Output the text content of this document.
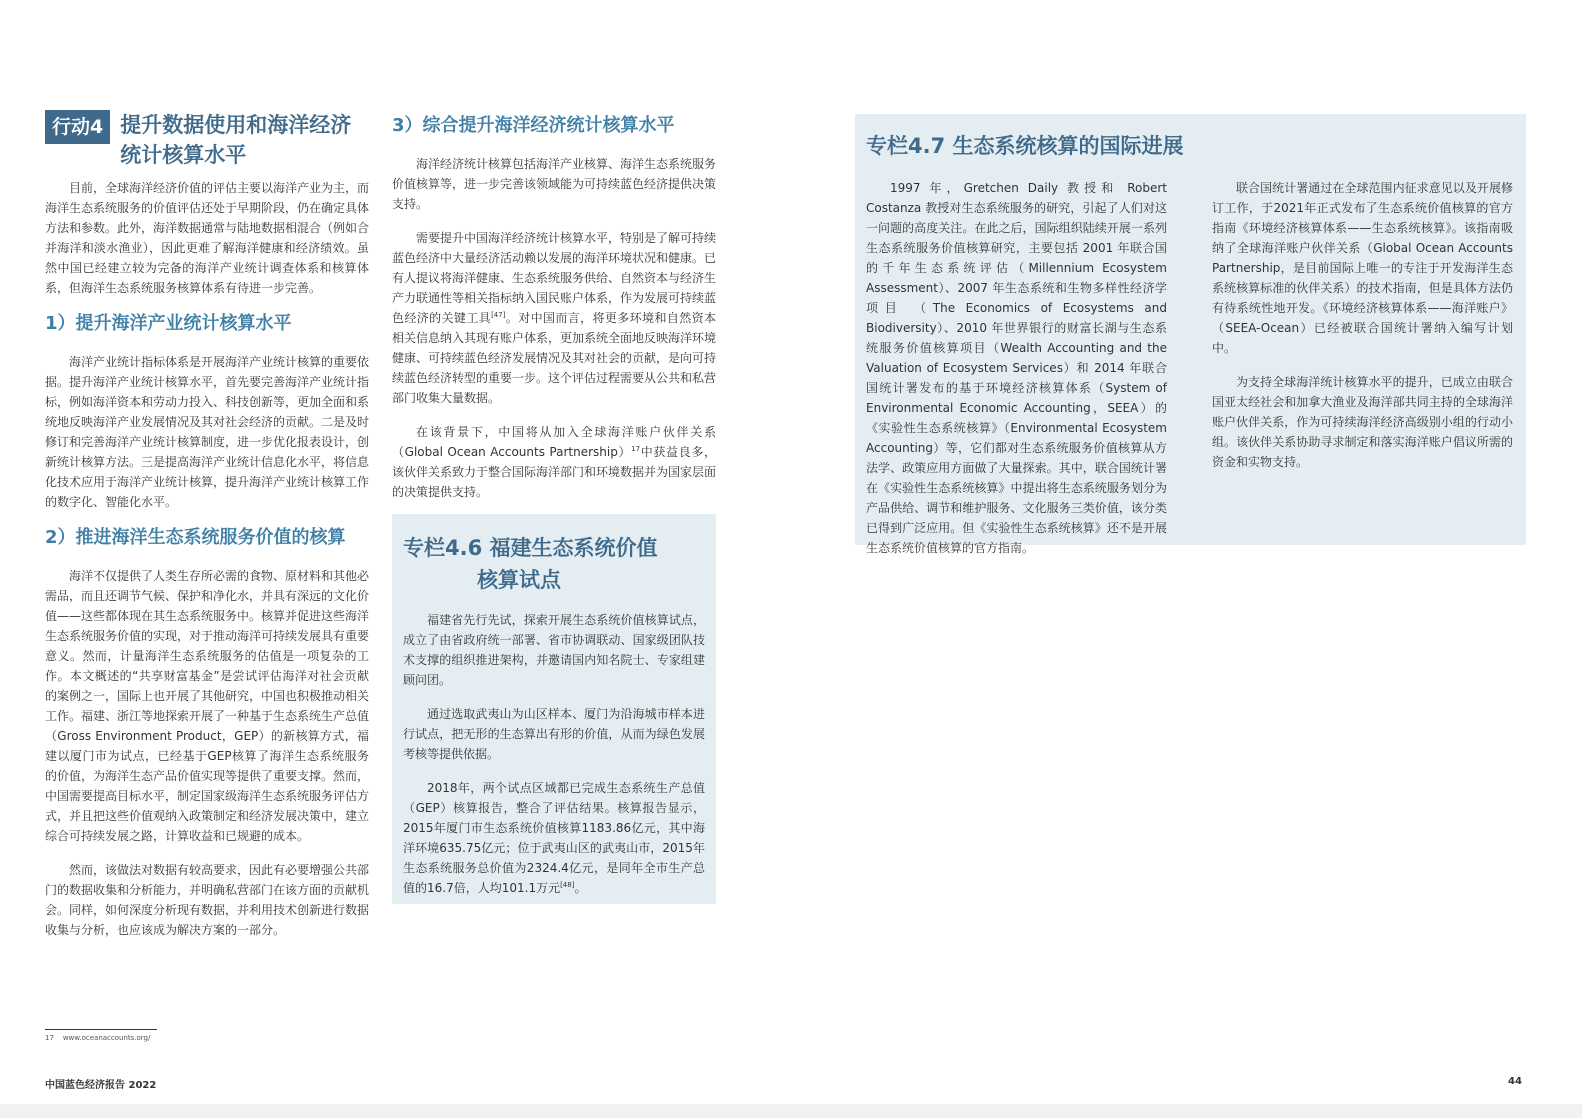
行动4 提升数据使用和海洋经济
统计核算水平

目前，全球海洋经济价值的评估主要以海洋产业为主，而海洋生态系统服务的价值评估还处于早期阶段，仍在确定具体方法和参数。此外，海洋数据通常与陆地数据相混合（例如合并海洋和淡水渔业），因此更难了解海洋健康和经济绩效。虽然中国已经建立较为完备的海洋产业统计调查体系和核算体系，但海洋生态系统服务核算体系有待进一步完善。

1）提升海洋产业统计核算水平

海洋产业统计指标体系是开展海洋产业统计核算的重要依据。提升海洋产业统计核算水平，首先要完善海洋产业统计指标，例如海洋资本和劳动力投入、科技创新等，更加全面和系统地反映海洋产业发展情况及其对社会经济的贡献。二是及时修订和完善海洋产业统计核算制度，进一步优化报表设计，创新统计核算方法。三是提高海洋产业统计信息化水平，将信息化技术应用于海洋产业统计核算，提升海洋产业统计核算工作的数字化、智能化水平。

2）推进海洋生态系统服务价值的核算

海洋不仅提供了人类生存所必需的食物、原材料和其他必需品，而且还调节气候、保护和净化水，并具有深远的文化价值——这些都体现在其生态系统服务中。核算并促进这些海洋生态系统服务价值的实现，对于推动海洋可持续发展具有重要意义。然而，计量海洋生态系统服务的估值是一项复杂的工作。本文概述的“共享财富基金”是尝试评估海洋对社会贡献的案例之一，国际上也开展了其他研究，中国也积极推动相关工作。福建、浙江等地探索开展了一种基于生态系统生产总值（Gross Environment Product，GEP）的新核算方式，福建以厦门市为试点，已经基于GEP核算了海洋生态系统服务的价值，为海洋生态产品价值实现等提供了重要支撑。然而，中国需要提高目标水平，制定国家级海洋生态系统服务评估方式，并且把这些价值观纳入政策制定和经济发展决策中，建立综合可持续发展之路，计算收益和已规避的成本。

然而，该做法对数据有较高要求，因此有必要增强公共部门的数据收集和分析能力，并明确私营部门在该方面的贡献机会。同样，如何深度分析现有数据，并利用技术创新进行数据收集与分析，也应该成为解决方案的一部分。

3）综合提升海洋经济统计核算水平

海洋经济统计核算包括海洋产业核算、海洋生态系统服务价值核算等，进一步完善该领域能为可持续蓝色经济提供决策支持。

需要提升中国海洋经济统计核算水平，特别是了解可持续蓝色经济中大量经济活动赖以发展的海洋环境状况和健康。已有人提议将海洋健康、生态系统服务供给、自然资本与经济生产力联通性等相关指标纳入国民账户体系，作为发展可持续蓝色经济的关键工具[47]。对中国而言，将更多环境和自然资本相关信息纳入其现有账户体系，更加系统全面地反映海洋环境健康、可持续蓝色经济发展情况及其对社会的贡献，是向可持续蓝色经济转型的重要一步。这个评估过程需要从公共和私营部门收集大量数据。

在该背景下，中国将从加入全球海洋账户伙伴关系（Global Ocean Accounts Partnership）$^{17}$中获益良多，该伙伴关系致力于整合国际海洋部门和环境数据并为国家层面的决策提供支持。

专栏4.6 福建生态系统价值
核算试点

福建省先行先试，探索开展生态系统价值核算试点，成立了由省政府统一部署、省市协调联动、国家级团队技术支撑的组织推进架构，并邀请国内知名院士、专家组建顾问团。

通过选取武夷山为山区样本、厦门为沿海城市样本进行试点，把无形的生态算出有形的价值，从而为绿色发展考核等提供依据。

2018年，两个试点区域都已完成生态系统生产总值（GEP）核算报告，整合了评估结果。核算报告显示，2015年厦门市生态系统价值核算1183.86亿元，其中海洋环境635.75亿元；位于武夷山区的武夷山市，2015年生态系统服务总价值为2324.4亿元，是同年全市生产总值的16.7倍，人均101.1万元[48]。

专栏4.7 生态系统核算的国际进展

1997 年，Gretchen Daily 教授和 Robert Costanza 教授对生态系统服务的研究，引起了人们对这一问题的高度关注。在此之后，国际组织陆续开展一系列生态系统服务价值核算研究，主要包括 2001 年联合国的千年生态系统评估（Millennium Ecosystem Assessment）、2007 年生态系统和生物多样性经济学项目 （The Economics of Ecosystems and Biodiversity）、2010 年世界银行的财富长湖与生态系统服务价值核算项目（Wealth Accounting and the Valuation of Ecosystem Services）和 2014 年联合国统计署发布的基于环境经济核算体系（System of Environmental Economic Accounting，SEEA）的《实验性生态系统核算》（Environmental Ecosystem Accounting）等，它们都对生态系统服务价值核算从方法学、政策应用方面做了大量探索。其中，联合国统计署在《实验性生态系统核算》中提出将生态系统服务划分为产品供给、调节和维护服务、文化服务三类价值，该分类已得到广泛应用。但《实验性生态系统核算》还不是开展生态系统价值核算的官方指南。

联合国统计署通过在全球范围内征求意见以及开展修订工作，于2021年正式发布了生态系统价值核算的官方指南《环境经济核算体系——生态系统核算》。该指南吸纳了全球海洋账户伙伴关系（Global Ocean Accounts Partnership，是目前国际上唯一的专注于开发海洋生态系统核算标准的伙伴关系）的技术指南，但是具体方法仍有待系统性地开发。《环境经济核算体系——海洋账户》（SEEA-Ocean）已经被联合国统计署纳入编写计划中。

为支持全球海洋统计核算水平的提升，已成立由联合国亚太经社会和加拿大渔业及海洋部共同主持的全球海洋账户伙伴关系，作为可持续海洋经济高级别小组的行动小组。该伙伴关系协助寻求制定和落实海洋账户倡议所需的资金和实物支持。

17 www.oceanaccounts.org/
中国蓝色经济报告 2022	44
